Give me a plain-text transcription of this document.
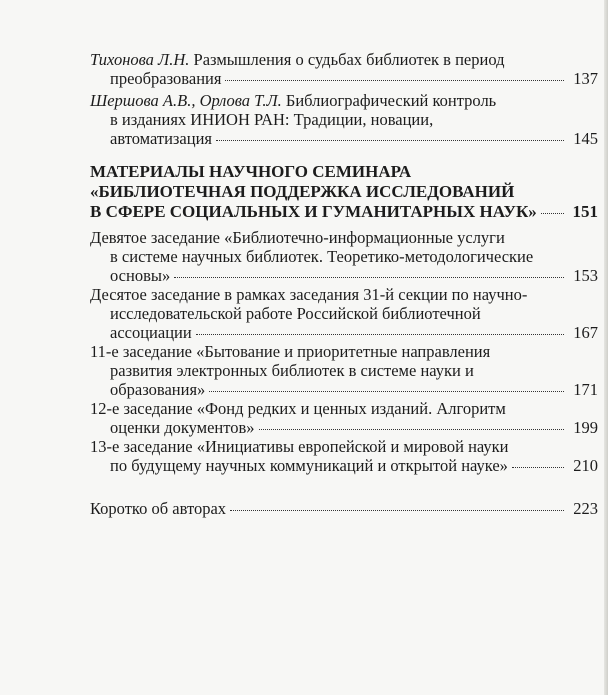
Тихонова Л.Н. Размышления о судьбах библиотек в период
преобразования	137
Шершова А.В., Орлова Т.Л. Библиографический контроль
в изданиях ИНИОН РАН: Традиции, новации,
автоматизация	145
МАТЕРИАЛЫ НАУЧНОГО СЕМИНАРА
«БИБЛИОТЕЧНАЯ ПОДДЕРЖКА ИССЛЕДОВАНИЙ
В СФЕРЕ СОЦИАЛЬНЫХ И ГУМАНИТАРНЫХ НАУК» 151
Девятое заседание «Библиотечно-информационные услуги
в системе научных библиотек. Теоретико-методологические
основы»	153
Десятое заседание в рамках заседания 31-й секции по научно-
исследовательской работе Российской библиотечной
ассоциации	167
11-е заседание «Бытование и приоритетные направления
развития электронных библиотек в системе науки и
образования»	171
12-е заседание «Фонд редких и ценных изданий. Алгоритм
оценки документов»	199
13-е заседание «Инициативы европейской и мировой науки
по будущему научных коммуникаций и открытой науке»	210
Коротко об авторах	223
